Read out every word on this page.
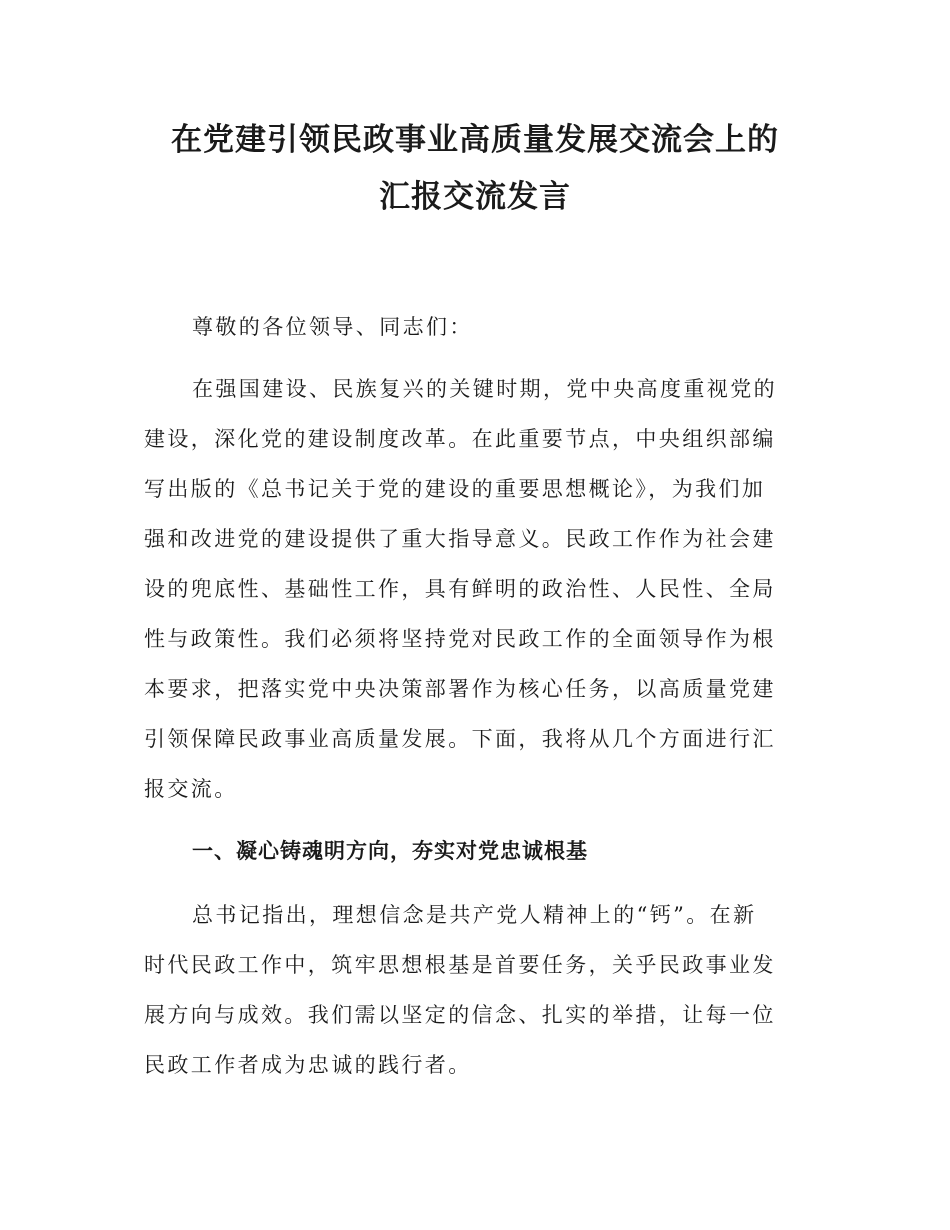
在党建引领民政事业高质量发展交流会上的
汇报交流发言

尊敬的各位领导、同志们：

在强国建设、民族复兴的关键时期，党中央高度重视党的
建设，深化党的建设制度改革。在此重要节点，中央组织部编
写出版的《总书记关于党的建设的重要思想概论》，为我们加
强和改进党的建设提供了重大指导意义。民政工作作为社会建
设的兜底性、基础性工作，具有鲜明的政治性、人民性、全局
性与政策性。我们必须将坚持党对民政工作的全面领导作为根
本要求，把落实党中央决策部署作为核心任务，以高质量党建
引领保障民政事业高质量发展。下面，我将从几个方面进行汇
报交流。

一、凝心铸魂明方向，夯实对党忠诚根基

总书记指出，理想信念是共产党人精神上的“钙”。在新
时代民政工作中，筑牢思想根基是首要任务，关乎民政事业发
展方向与成效。我们需以坚定的信念、扎实的举措，让每一位
民政工作者成为忠诚的践行者。
